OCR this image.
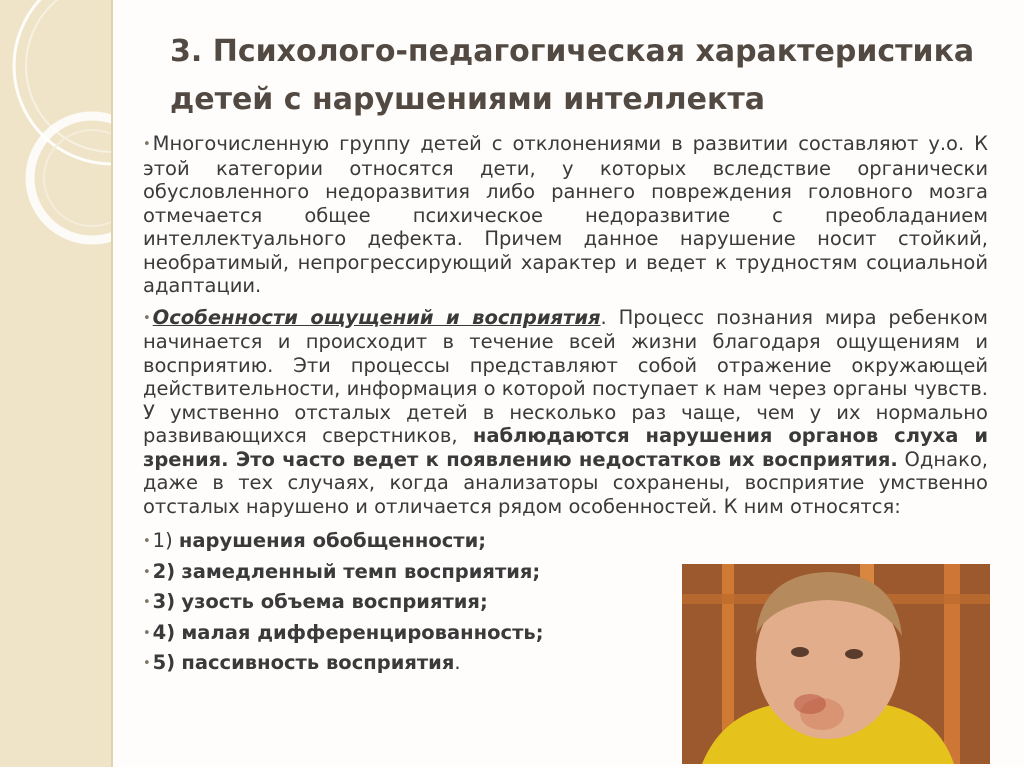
3. Психолого-педагогическая характеристика детей с нарушениями интеллекта

• Многочисленную группу детей с отклонениями в развитии составляют у.о. К этой категории относятся дети, у которых вследствие органически обусловленного недоразвития либо раннего повреждения головного мозга отмечается общее психическое недоразвитие с преобладанием интеллектуального дефекта. Причем данное нарушение носит стойкий, необратимый, непрогрессирующий характер и ведет к трудностям социальной адаптации.

• Особенности ощущений и восприятия. Процесс познания мира ребенком начинается и происходит в течение всей жизни благодаря ощущениям и восприятию. Эти процессы представляют собой отражение окружающей действительности, информация о которой поступает к нам через органы чувств. У умственно отсталых детей в несколько раз чаще, чем у их нормально развивающихся сверстников, наблюдаются нарушения органов слуха и зрения. Это часто ведет к появлению недостатков их восприятия. Однако, даже в тех случаях, когда анализаторы сохранены, восприятие умственно отсталых нарушено и отличается рядом особенностей. К ним относятся:

• 1) нарушения обобщенности;
• 2) замедленный темп восприятия;
• 3) узость объема восприятия;
• 4) малая дифференцированность;
• 5) пассивность восприятия.
